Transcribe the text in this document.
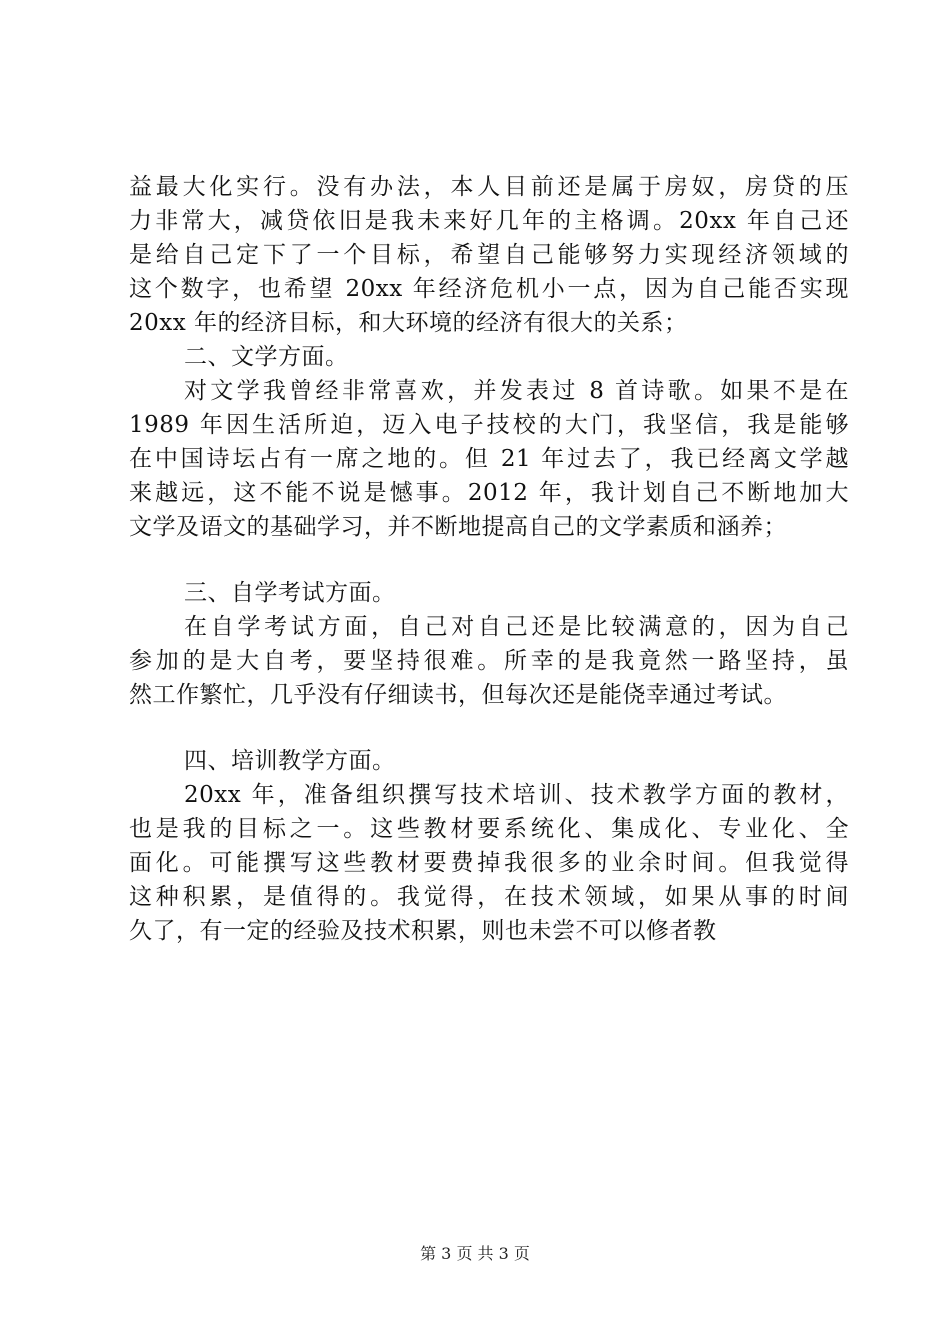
益最大化实行。没有办法，本人目前还是属于房奴，房贷的压
力非常大，减贷依旧是我未来好几年的主格调。20xx 年自己还
是给自己定下了一个目标，希望自己能够努力实现经济领域的
这个数字，也希望 20xx 年经济危机小一点，因为自己能否实现
20xx 年的经济目标，和大环境的经济有很大的关系；
二、文学方面。
对文学我曾经非常喜欢，并发表过 8 首诗歌。如果不是在
1989 年因生活所迫，迈入电子技校的大门，我坚信，我是能够
在中国诗坛占有一席之地的。但 21 年过去了，我已经离文学越
来越远，这不能不说是憾事。2012 年，我计划自己不断地加大
文学及语文的基础学习，并不断地提高自己的文学素质和涵养；
三、自学考试方面。
在自学考试方面，自己对自己还是比较满意的，因为自己
参加的是大自考，要坚持很难。所幸的是我竟然一路坚持，虽
然工作繁忙，几乎没有仔细读书，但每次还是能侥幸通过考试。
四、培训教学方面。
20xx 年，准备组织撰写技术培训、技术教学方面的教材，
也是我的目标之一。这些教材要系统化、集成化、专业化、全
面化。可能撰写这些教材要费掉我很多的业余时间。但我觉得
这种积累，是值得的。我觉得，在技术领域，如果从事的时间
久了，有一定的经验及技术积累，则也未尝不可以修者教
第 3 页 共 3 页
